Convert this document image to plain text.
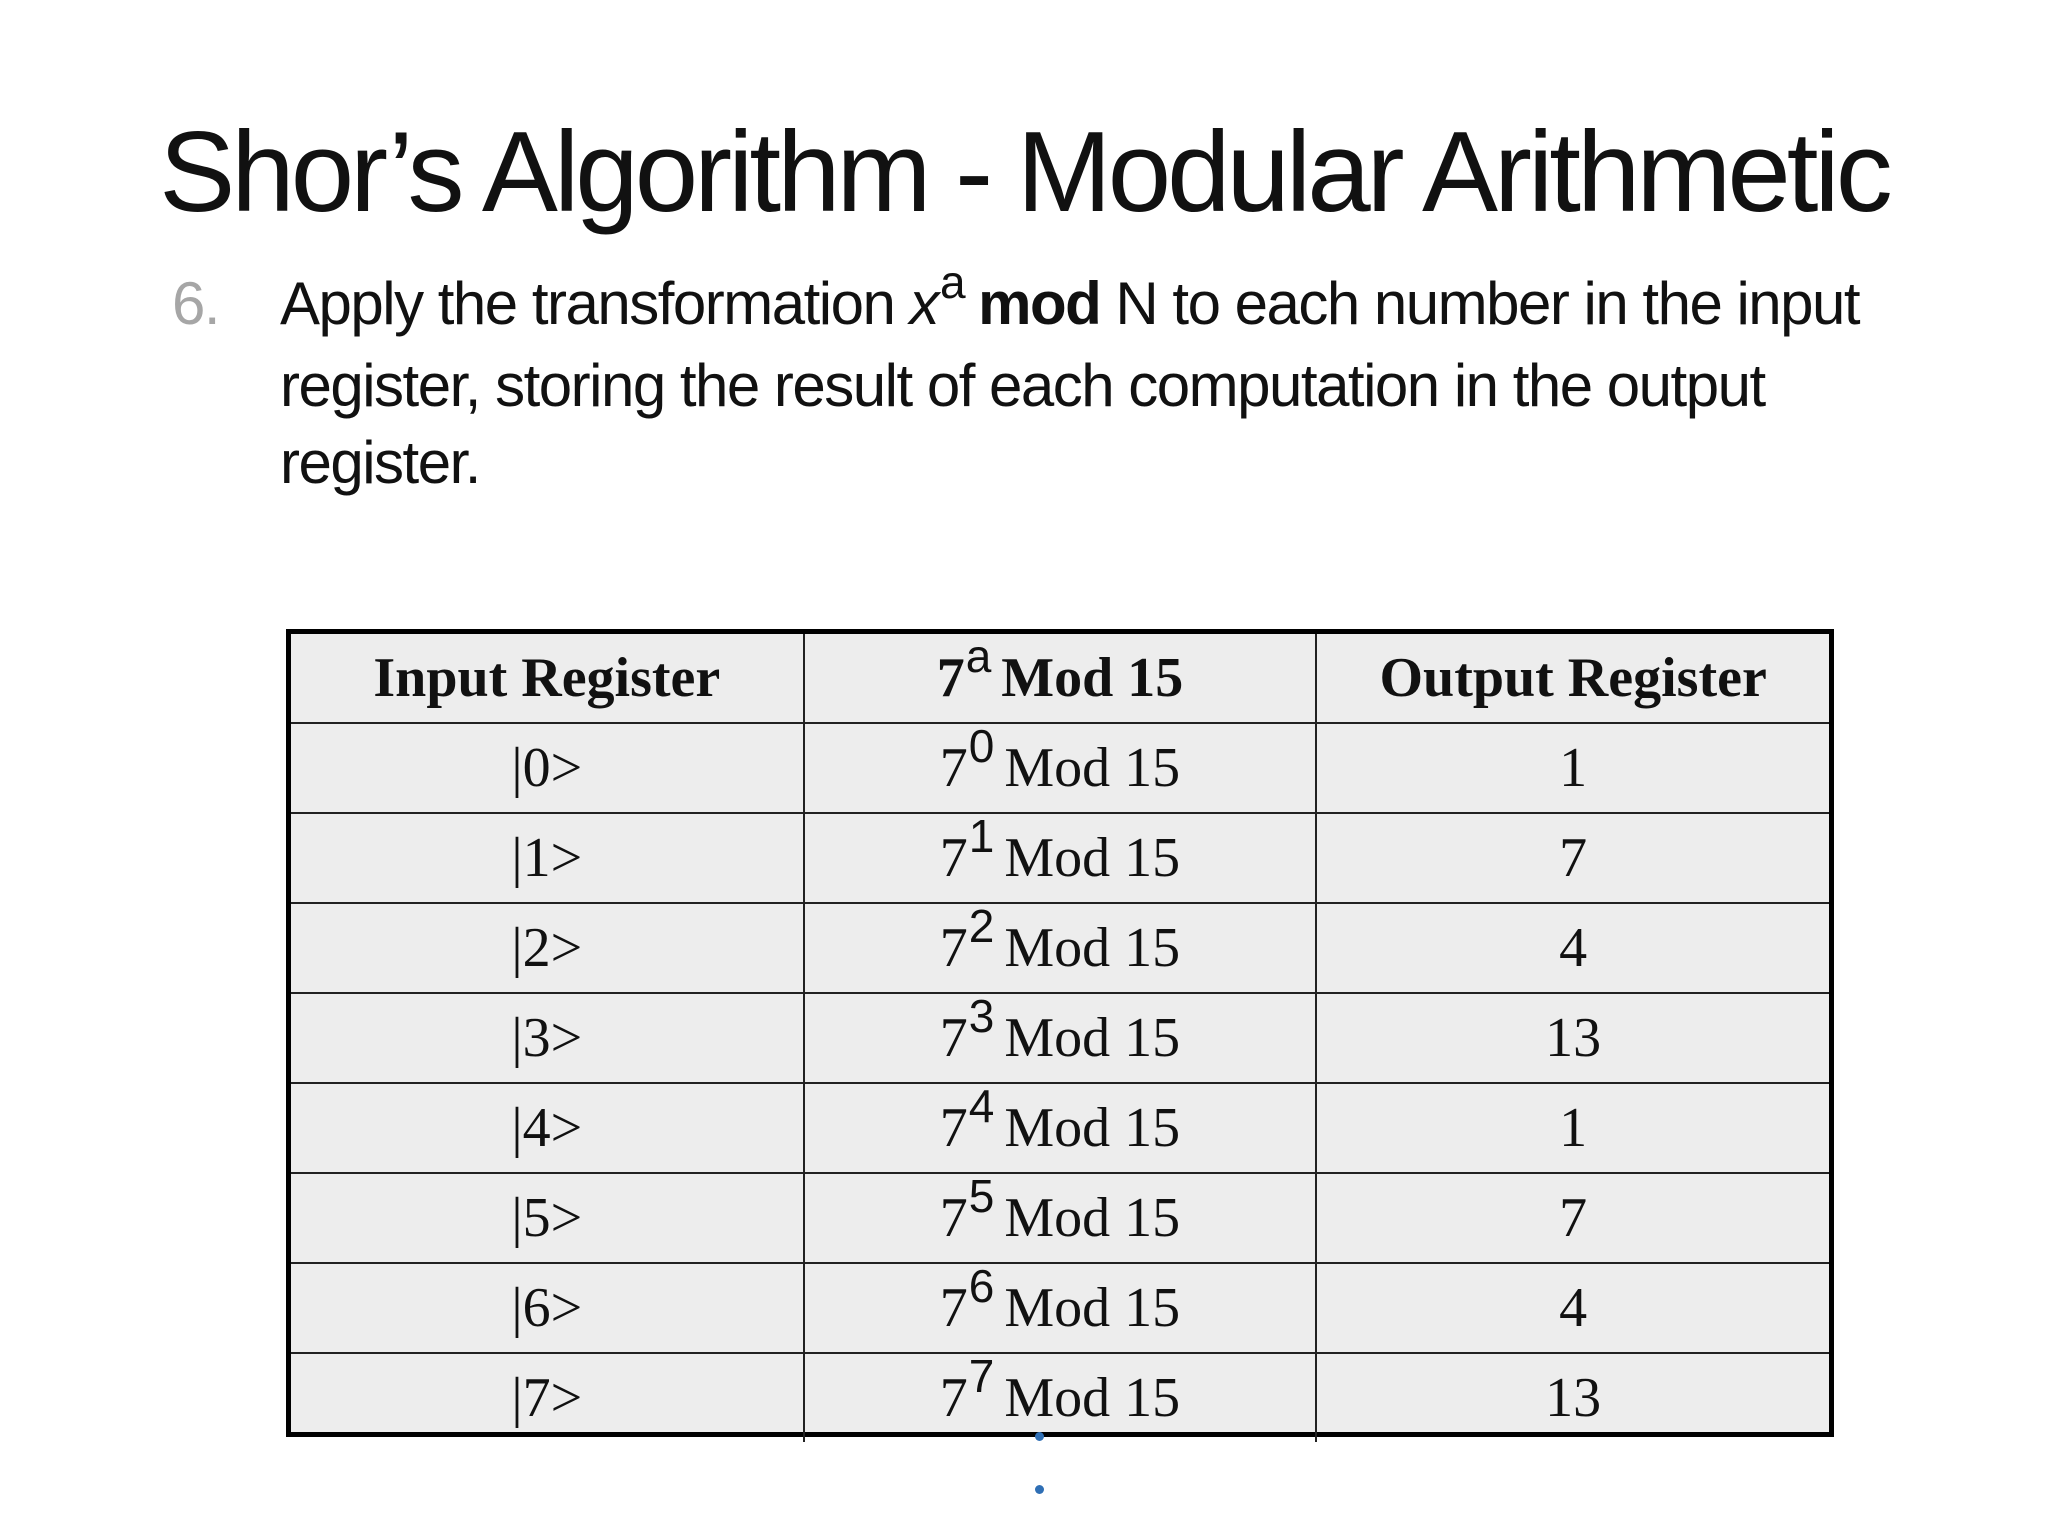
Shor’s Algorithm - Modular Arithmetic
6. Apply the transformation $x^a$ mod N to each number in the input register, storing the result of each computation in the output register.
Input Register	7$^a$ Mod 15	Output Register
|0>	$7^0$ Mod 15	1
|1>	$7^1$ Mod 15	7
|2>	$7^2$ Mod 15	4
|3>	$7^3$ Mod 15	13
|4>	$7^4$ Mod 15	1
|5>	$7^5$ Mod 15	7
|6>	$7^6$ Mod 15	4
|7>	$7^7$ Mod 15	13
